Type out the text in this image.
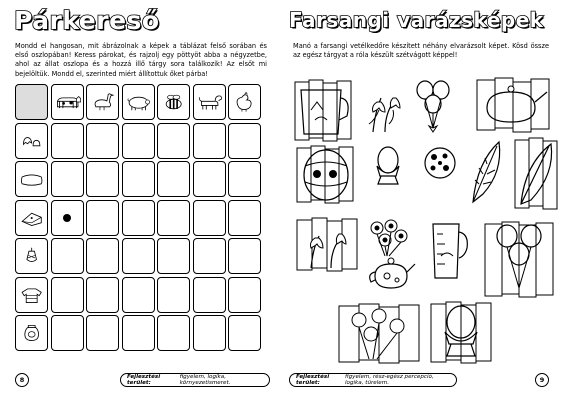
Párkereső
Mondd el hangosan, mit ábrázolnak a képek a táblázat felső sorában és első oszlopában! Keress párokat, és rajzolj egy pöttyöt abba a négyzetbe, ahol az állat oszlopa és a hozzá illő tárgy sora találkozik! Az elsőt mi bejelöltük. Mondd el, szerinted miért állítottuk őket párba!
8	Fejlesztési terület:
figyelem, logika, környezetismeret.
Farsangi varázsképek
Manó a farsangi vetélkedőre készített néhány elvarázsolt képet. Kösd össze az egész tárgyat a róla készült szétvágott képpel!
Fejlesztési terület:
figyelem, rész-egész percepció, logika, türelem.	9
